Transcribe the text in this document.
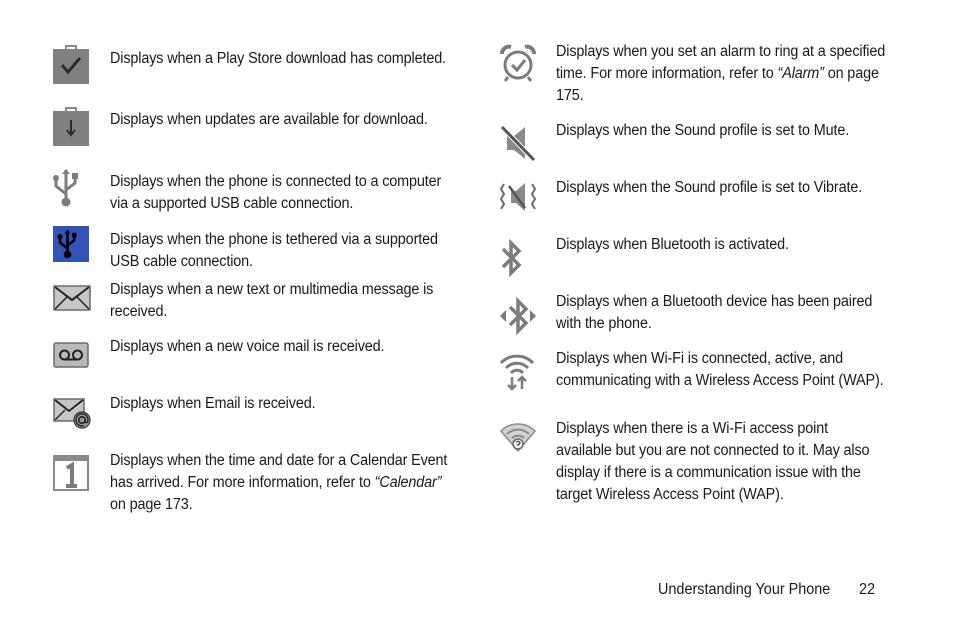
Displays when a Play Store download has completed.
Displays when updates are available for download.
Displays when the phone is connected to a computer via a supported USB cable connection.
Displays when the phone is tethered via a supported USB cable connection.
Displays when a new text or multimedia message is received.
Displays when a new voice mail is received.
Displays when Email is received.
Displays when the time and date for a Calendar Event has arrived. For more information, refer to “Calendar” on page 173.
Displays when you set an alarm to ring at a specified time. For more information, refer to “Alarm” on page 175.
Displays when the Sound profile is set to Mute.
Displays when the Sound profile is set to Vibrate.
Displays when Bluetooth is activated.
Displays when a Bluetooth device has been paired with the phone.
Displays when Wi-Fi is connected, active, and communicating with a Wireless Access Point (WAP).
Displays when there is a Wi-Fi access point available but you are not connected to it. May also display if there is a communication issue with the target Wireless Access Point (WAP).
Understanding Your Phone 22
